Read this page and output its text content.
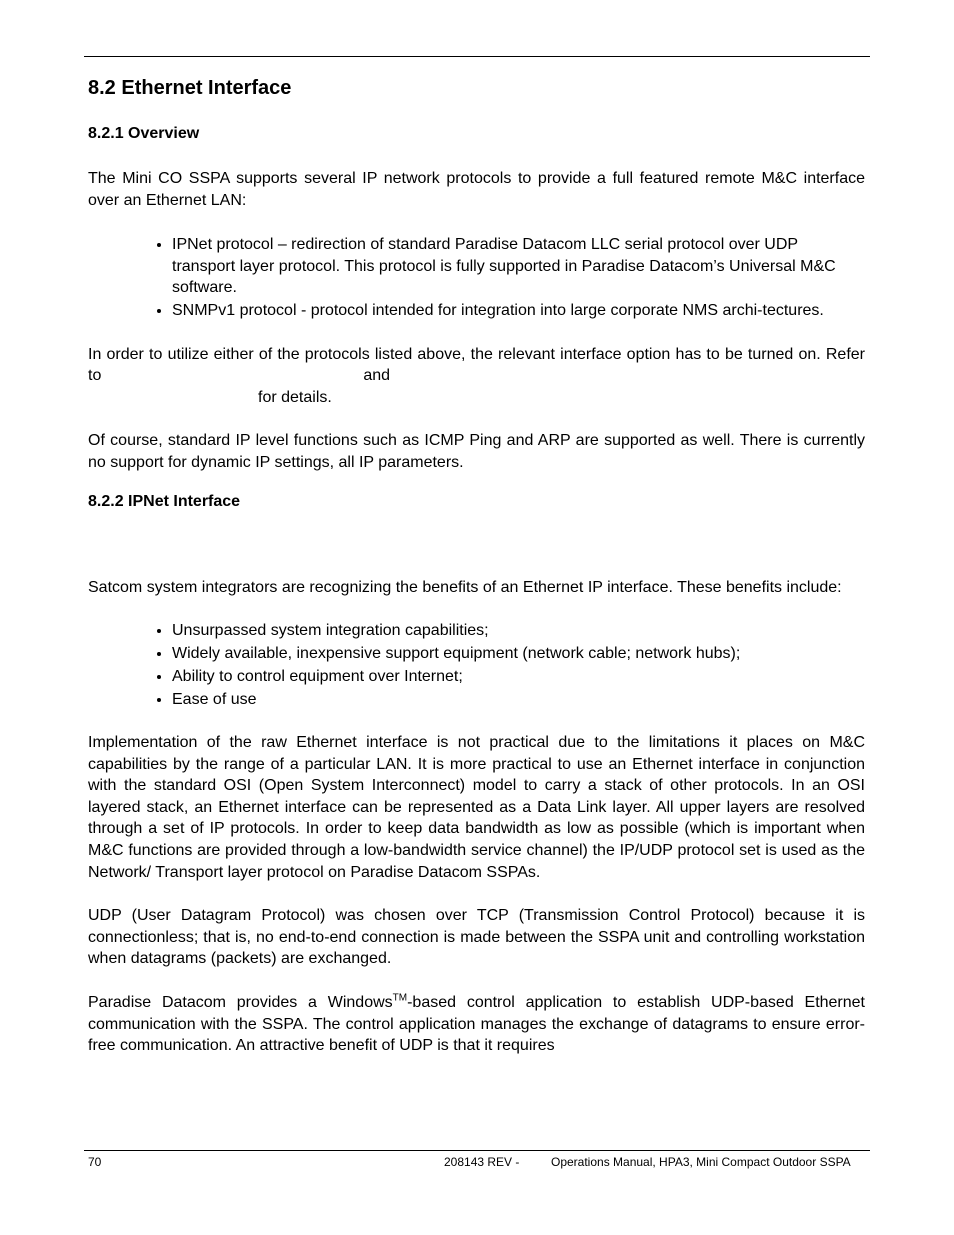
8.2 Ethernet Interface
8.2.1 Overview

The Mini CO SSPA supports several IP network protocols to provide a full featured remote M&C interface over an Ethernet LAN:

• IPNet protocol – redirection of standard Paradise Datacom LLC serial protocol over UDP transport layer protocol. This protocol is fully supported in Paradise Datacom’s Universal M&C software.
• SNMPv1 protocol - protocol intended for integration into large corporate NMS archi-tectures.

In order to utilize either of the protocols listed above, the relevant interface option has to be turned on. Refer to	and
for details.

Of course, standard IP level functions such as ICMP Ping and ARP are supported as well. There is currently no support for dynamic IP settings, all IP parameters.

8.2.2 IPNet Interface

Satcom system integrators are recognizing the benefits of an Ethernet IP interface. These benefits include:

• Unsurpassed system integration capabilities;
• Widely available, inexpensive support equipment (network cable; network hubs);
• Ability to control equipment over Internet;
• Ease of use

Implementation of the raw Ethernet interface is not practical due to the limitations it places on M&C capabilities by the range of a particular LAN. It is more practical to use an Ethernet interface in conjunction with the standard OSI (Open System Interconnect) model to carry a stack of other protocols. In an OSI layered stack, an Ethernet interface can be represented as a Data Link layer. All upper layers are resolved through a set of IP protocols. In order to keep data bandwidth as low as possible (which is important when M&C functions are provided through a low-bandwidth service channel) the IP/UDP protocol set is used as the Network/ Transport layer protocol on Paradise Datacom SSPAs.

UDP (User Datagram Protocol) was chosen over TCP (Transmission Control Protocol) because it is connectionless; that is, no end-to-end connection is made between the SSPA unit and controlling workstation when datagrams (packets) are exchanged.

Paradise Datacom provides a Windows™-based control application to establish UDP-based Ethernet communication with the SSPA. The control application manages the exchange of datagrams to ensure error-free communication. An attractive benefit of UDP is that it requires

70	208143 REV -	Operations Manual, HPA3, Mini Compact Outdoor SSPA
